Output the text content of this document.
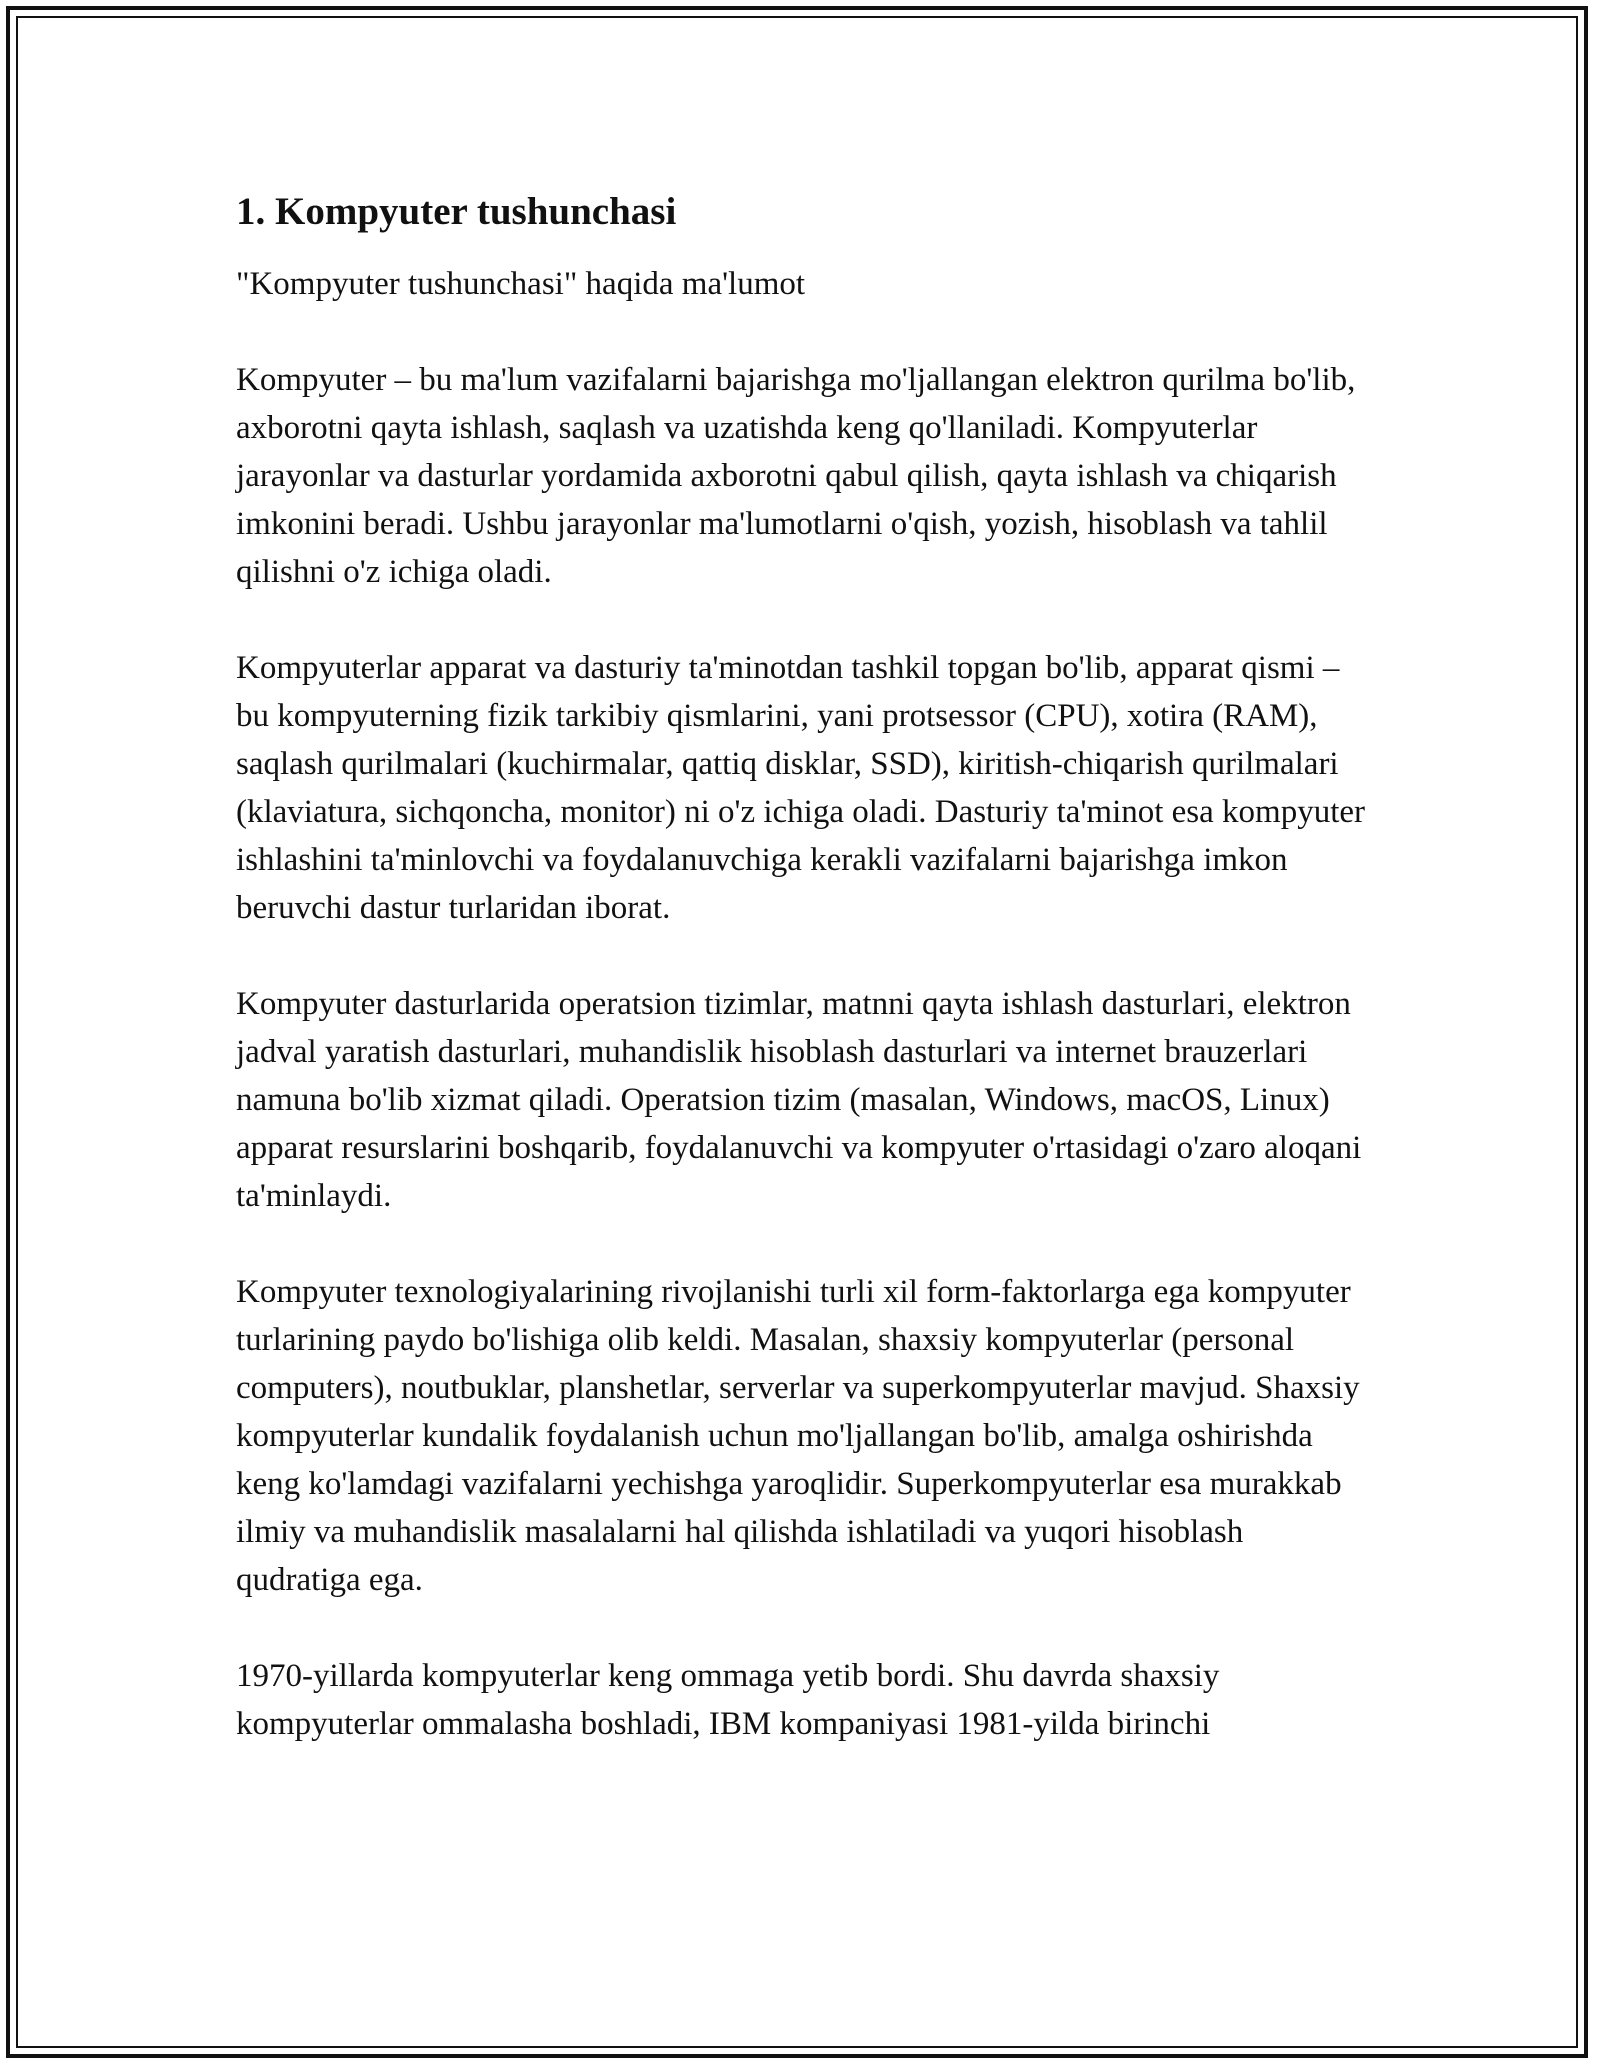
1. Kompyuter tushunchasi

"Kompyuter tushunchasi" haqida ma'lumot

Kompyuter – bu ma'lum vazifalarni bajarishga mo'ljallangan elektron qurilma bo'lib, axborotni qayta ishlash, saqlash va uzatishda keng qo'llaniladi. Kompyuterlar jarayonlar va dasturlar yordamida axborotni qabul qilish, qayta ishlash va chiqarish imkonini beradi. Ushbu jarayonlar ma'lumotlarni o'qish, yozish, hisoblash va tahlil qilishni o'z ichiga oladi.

Kompyuterlar apparat va dasturiy ta'minotdan tashkil topgan bo'lib, apparat qismi – bu kompyuterning fizik tarkibiy qismlarini, yani protsessor (CPU), xotira (RAM), saqlash qurilmalari (kuchirmalar, qattiq disklar, SSD), kiritish-chiqarish qurilmalari (klaviatura, sichqoncha, monitor) ni o'z ichiga oladi. Dasturiy ta'minot esa kompyuter ishlashini ta'minlovchi va foydalanuvchiga kerakli vazifalarni bajarishga imkon beruvchi dastur turlaridan iborat.

Kompyuter dasturlarida operatsion tizimlar, matnni qayta ishlash dasturlari, elektron jadval yaratish dasturlari, muhandislik hisoblash dasturlari va internet brauzerlari namuna bo'lib xizmat qiladi. Operatsion tizim (masalan, Windows, macOS, Linux) apparat resurslarini boshqarib, foydalanuvchi va kompyuter o'rtasidagi o'zaro aloqani ta'minlaydi.

Kompyuter texnologiyalarining rivojlanishi turli xil form-faktorlarga ega kompyuter turlarining paydo bo'lishiga olib keldi. Masalan, shaxsiy kompyuterlar (personal computers), noutbuklar, planshetlar, serverlar va superkompyuterlar mavjud. Shaxsiy kompyuterlar kundalik foydalanish uchun mo'ljallangan bo'lib, amalga oshirishda keng ko'lamdagi vazifalarni yechishga yaroqlidir. Superkompyuterlar esa murakkab ilmiy va muhandislik masalalarni hal qilishda ishlatiladi va yuqori hisoblash qudratiga ega.

1970-yillarda kompyuterlar keng ommaga yetib bordi. Shu davrda shaxsiy kompyuterlar ommalasha boshladi, IBM kompaniyasi 1981-yilda birinchi
